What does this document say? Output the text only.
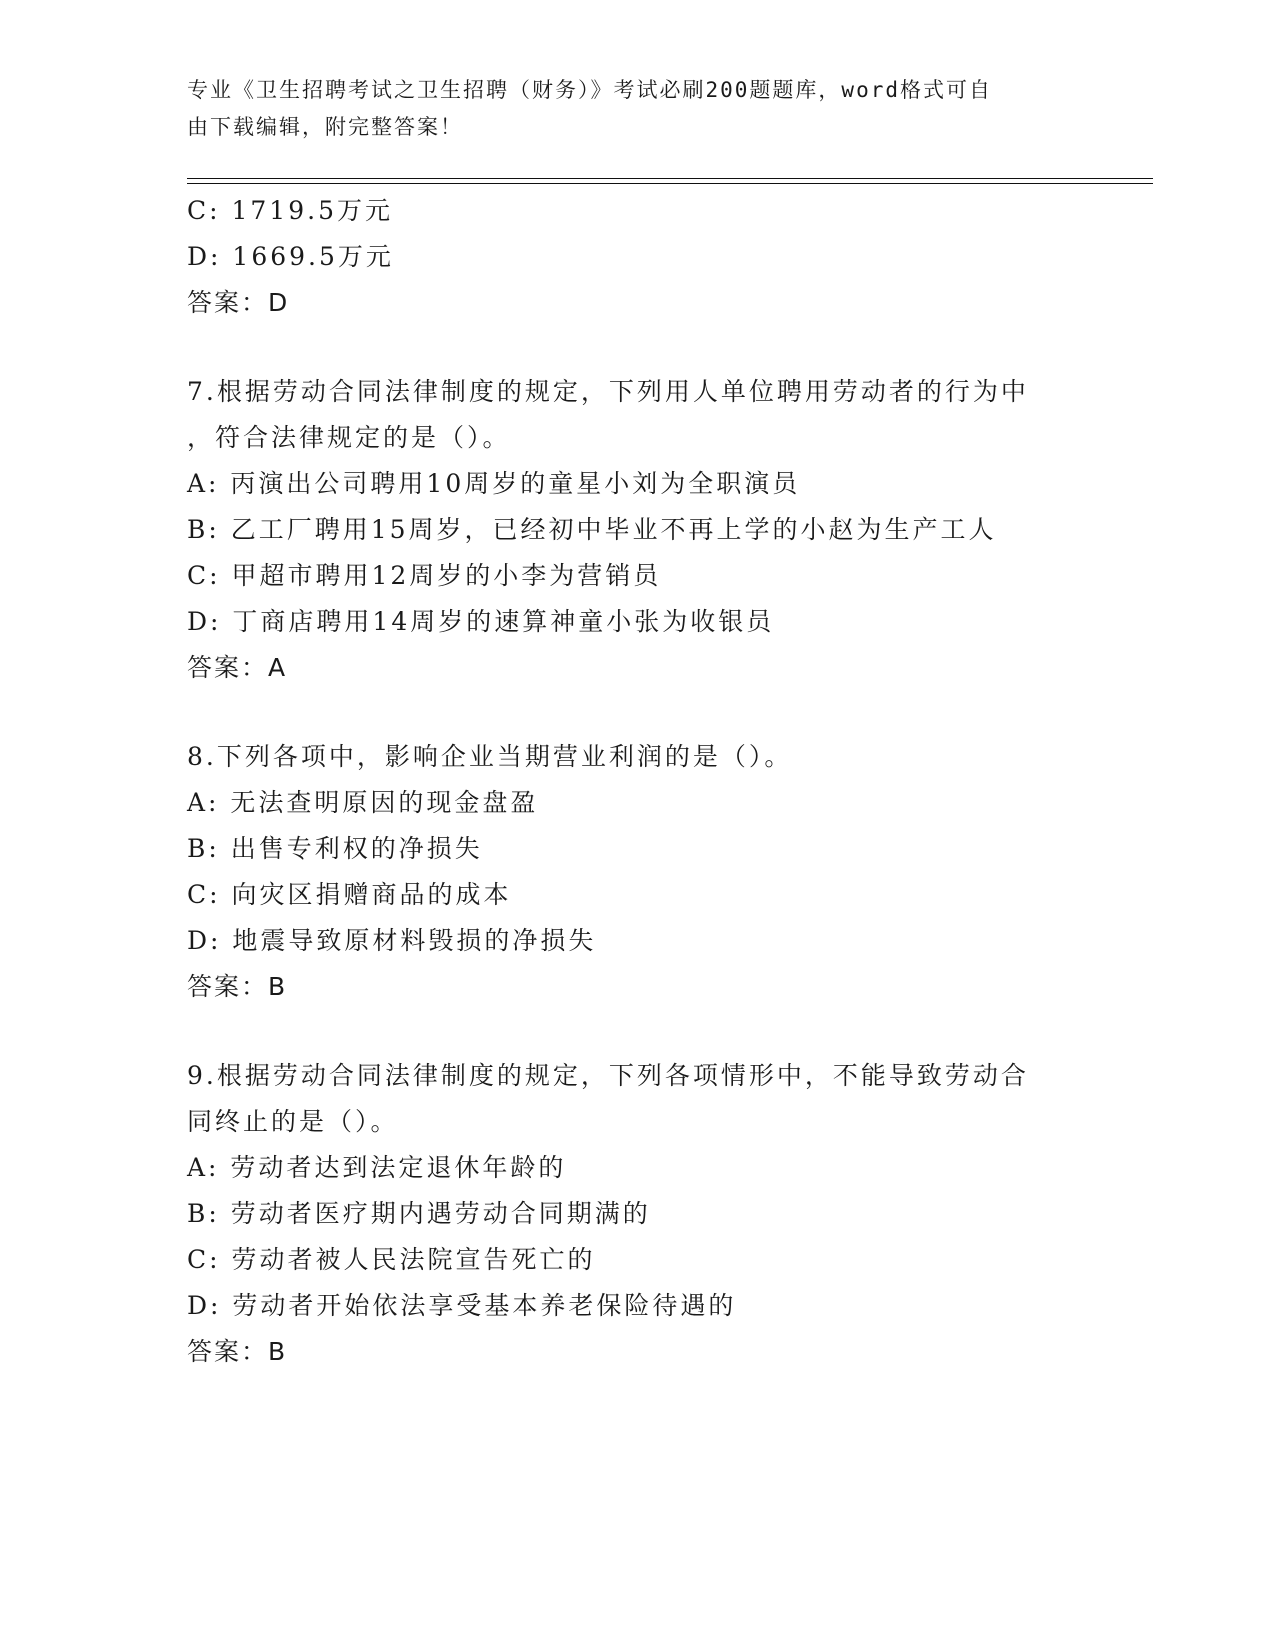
专业《卫生招聘考试之卫生招聘（财务）》考试必刷200题题库，word格式可自
由下载编辑，附完整答案！
C: 1719.5万元
D: 1669.5万元
答案：D
7.根据劳动合同法律制度的规定，下列用人单位聘用劳动者的行为中
，符合法律规定的是（）。
A: 丙演出公司聘用10周岁的童星小刘为全职演员
B: 乙工厂聘用15周岁，已经初中毕业不再上学的小赵为生产工人
C: 甲超市聘用12周岁的小李为营销员
D: 丁商店聘用14周岁的速算神童小张为收银员
答案：A
8.下列各项中，影响企业当期营业利润的是（）。
A: 无法查明原因的现金盘盈
B: 出售专利权的净损失
C: 向灾区捐赠商品的成本
D: 地震导致原材料毁损的净损失
答案：B
9.根据劳动合同法律制度的规定，下列各项情形中，不能导致劳动合
同终止的是（）。
A: 劳动者达到法定退休年龄的
B: 劳动者医疗期内遇劳动合同期满的
C: 劳动者被人民法院宣告死亡的
D: 劳动者开始依法享受基本养老保险待遇的
答案：B
